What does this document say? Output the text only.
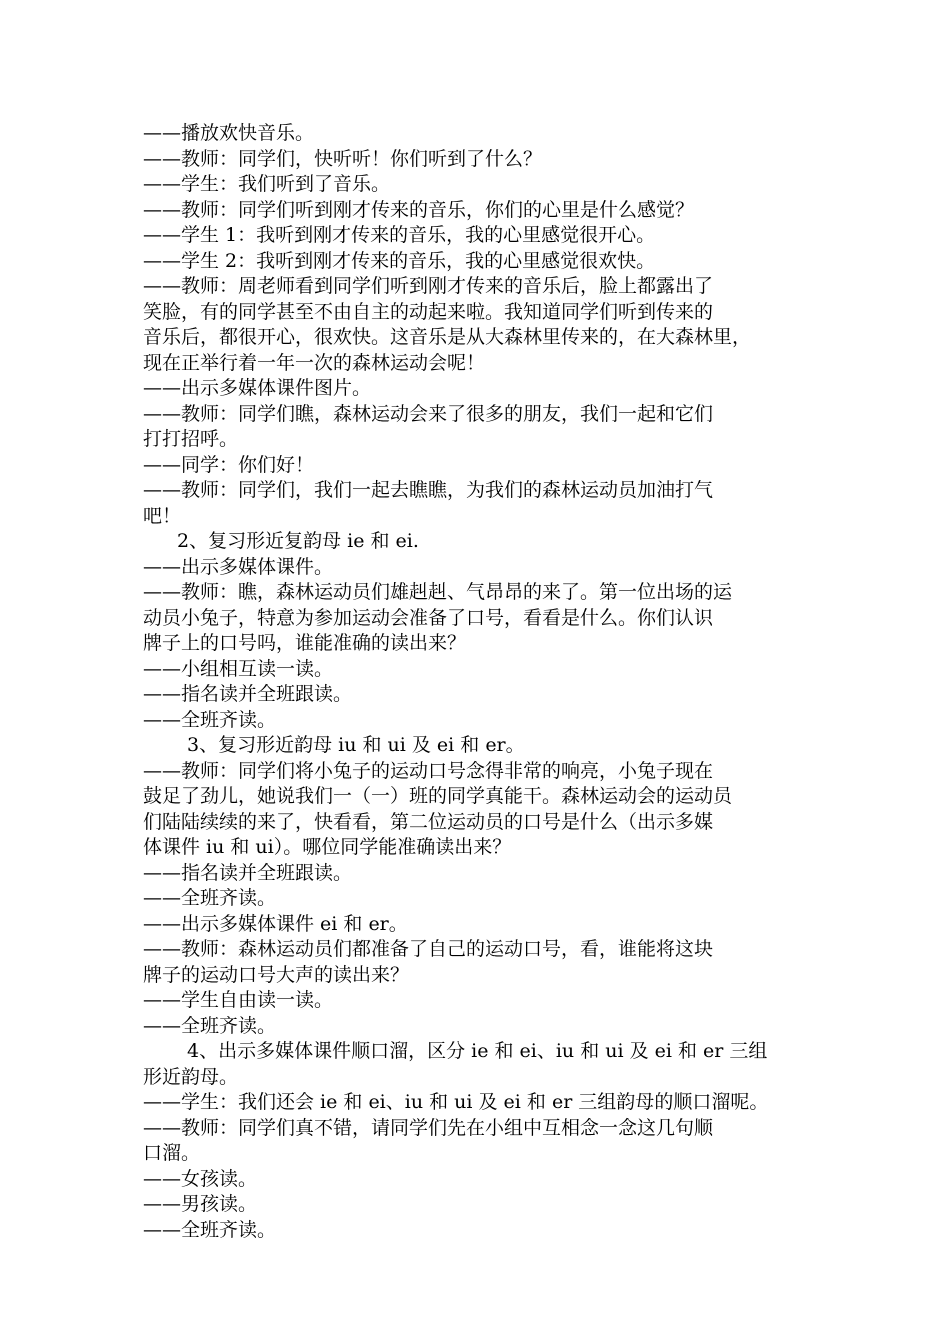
——播放欢快音乐。
——教师：同学们，快听听！你们听到了什么？
——学生：我们听到了音乐。
——教师：同学们听到刚才传来的音乐，你们的心里是什么感觉？
——学生 1：我听到刚才传来的音乐，我的心里感觉很开心。
——学生 2：我听到刚才传来的音乐，我的心里感觉很欢快。
——教师：周老师看到同学们听到刚才传来的音乐后，脸上都露出了
笑脸，有的同学甚至不由自主的动起来啦。我知道同学们听到传来的
音乐后，都很开心，很欢快。这音乐是从大森林里传来的，在大森林里，
现在正举行着一年一次的森林运动会呢！
——出示多媒体课件图片。
——教师：同学们瞧，森林运动会来了很多的朋友，我们一起和它们
打打招呼。
——同学：你们好！
——教师：同学们，我们一起去瞧瞧，为我们的森林运动员加油打气
吧！
2、复习形近复韵母 ie 和 ei.
——出示多媒体课件。
——教师：瞧，森林运动员们雄赳赳、气昂昂的来了。第一位出场的运
动员小兔子，特意为参加运动会准备了口号，看看是什么。你们认识
牌子上的口号吗，谁能准确的读出来？
——小组相互读一读。
——指名读并全班跟读。
——全班齐读。
3、复习形近韵母 iu 和 ui 及 ei 和 er。
——教师：同学们将小兔子的运动口号念得非常的响亮，小兔子现在
鼓足了劲儿，她说我们一（一）班的同学真能干。森林运动会的运动员
们陆陆续续的来了，快看看，第二位运动员的口号是什么（出示多媒
体课件 iu 和 ui）。哪位同学能准确读出来？
——指名读并全班跟读。
——全班齐读。
——出示多媒体课件 ei 和 er。
——教师：森林运动员们都准备了自己的运动口号，看，谁能将这块
牌子的运动口号大声的读出来？
——学生自由读一读。
——全班齐读。
4、出示多媒体课件顺口溜，区分 ie 和 ei、iu 和 ui 及 ei 和 er 三组
形近韵母。
——学生：我们还会 ie 和 ei、iu 和 ui 及 ei 和 er 三组韵母的顺口溜呢。
——教师：同学们真不错，请同学们先在小组中互相念一念这几句顺
口溜。
——女孩读。
——男孩读。
——全班齐读。
